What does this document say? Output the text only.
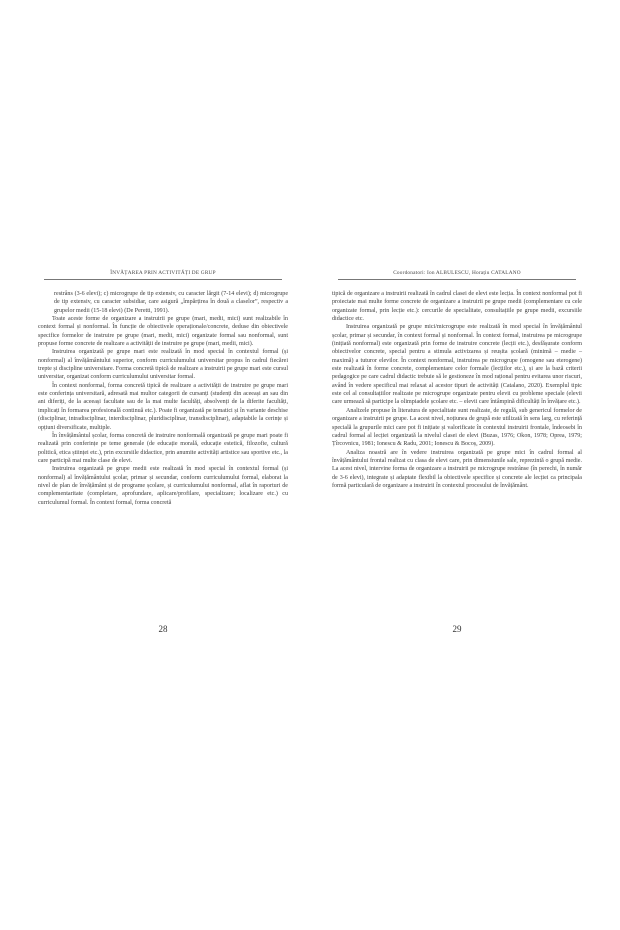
ÎNVĂȚAREA PRIN ACTIVITĂȚI DE GRUP

restrâns (3-6 elevi); c) microgrupe de tip extensiv, cu caracter lărgit (7-14 elevi); d) microgrupe de tip extensiv, cu caracter subsidiar, care asigură „împărțirea în două a claselor”, respectiv a grupelor medii (15-18 elevi) (De Peretti, 1991).

Toate aceste forme de organizare a instruirii pe grupe (mari, medii, mici) sunt realizabile în context formal și nonformal. În funcție de obiectivele operaționale/concrete, deduse din obiectivele specifice formelor de instruire pe grupe (mari, medii, mici) organizate formal sau nonformal, sunt propuse forme concrete de realizare a activității de instruire pe grupe (mari, medii, mici).

Instruirea organizată pe grupe mari este realizată în mod special în contextul formal (și nonformal) al învățământului superior, conform curriculumului universitar propus în cadrul fiecărei trepte și discipline universitare. Forma concretă tipică de realizare a instruirii pe grupe mari este cursul universitar, organizat conform curriculumului universitar formal.

În context nonformal, forma concretă tipică de realizare a activității de instruire pe grupe mari este conferința universitară, adresată mai multor categorii de cursanți (studenți din aceeași an sau din ani diferiți, de la aceeași facultate sau de la mai multe facultăți, absolvenți de la diferite facultăți, implicați în formarea profesională continuă etc.). Poate fi organizată pe tematici și în variante deschise (disciplinar, intradisciplinar, interdisciplinar, pluridisciplinar, transdisciplinar), adaptabile la cerințe și opțiuni diversificate, multiple.

În învățământul școlar, forma concretă de instruire nonformală organizată pe grupe mari poate fi realizată prin conferințe pe teme generale (de educație morală, educație estetică, filozofie, cultură politică, etica științei etc.), prin excursiile didactice, prin anumite activități artistice sau sportive etc., la care participă mai multe clase de elevi.

Instruirea organizată pe grupe medii este realizată în mod special în contextul formal (și nonformal) al învățământului școlar, primar și secundar, conform curriculumului formal, elaborat la nivel de plan de învățământ și de programe școlare, și curriculumului nonformal, aflat în raporturi de complementaritate (completare, aprofundare, aplicare/profilare, specializare; localizare etc.) cu curriculumul formal. În context formal, forma concretă

28
Coordonatori: Ion ALBULESCU, Horațiu CATALANO

tipică de organizare a instruirii realizată în cadrul clasei de elevi este lecția. În context nonformal pot fi proiectate mai multe forme concrete de organizare a instruirii pe grupe medii (complementare cu cele organizate formal, prin lecție etc.): cercurile de specialitate, consultațiile pe grupe medii, excursiile didactice etc.

Instruirea organizată pe grupe mici/microgrupe este realizată în mod special în învățământul școlar, primar și secundar, în context formal și nonformal. În context formal, instruirea pe microgrupe (inițiată nonformal) este organizată prin forme de instruire concrete (lecții etc.), desfășurate conform obiectivelor concrete, special pentru a stimula activizarea și reușita școlară (minimă – medie – maximă) a tuturor elevilor. În context nonformal, instruirea pe microgrupe (omogene sau eterogene) este realizată în forme concrete, complementare celor formale (lecțiilor etc.), și are la bază criterii pedagogice pe care cadrul didactic trebuie să le gestioneze în mod rațional pentru evitarea unor riscuri, având în vedere specificul mai relaxat al acestor tipuri de activități (Catalano, 2020). Exemplul tipic este cel al consultațiilor realizate pe microgrupe organizate pentru elevii cu probleme speciale (elevii care urmează să participe la olimpiadele școlare etc. – elevii care întâmpină dificultăți în învățare etc.).

Analizele propuse în literatura de specialitate sunt realizate, de regulă, sub genericul formelor de organizare a instruirii pe grupe. La acest nivel, noțiunea de grupă este utilizată în sens larg, cu referință specială la grupurile mici care pot fi inițiate și valorificate în contextul instruirii frontale, îndeosebi în cadrul formal al lecției organizată la nivelul clasei de elevi (Buzas, 1976; Okon, 1978; Oprea, 1979; Țîrcovnicu, 1981; Ionescu & Radu, 2001; Ionescu & Bocoș, 2009).

Analiza noastră are în vedere instruirea organizată pe grupe mici în cadrul formal al învățământului frontal realizat cu clasa de elevi care, prin dimensiunile sale, reprezintă o grupă medie. La acest nivel, intervine forma de organizare a instruirii pe microgrupe restrânse (în perechi, în număr de 3-6 elevi), integrate și adaptate flexibil la obiectivele specifice și concrete ale lecției ca principala formă particulară de organizare a instruirii în contextul procesului de învățământ.

29
